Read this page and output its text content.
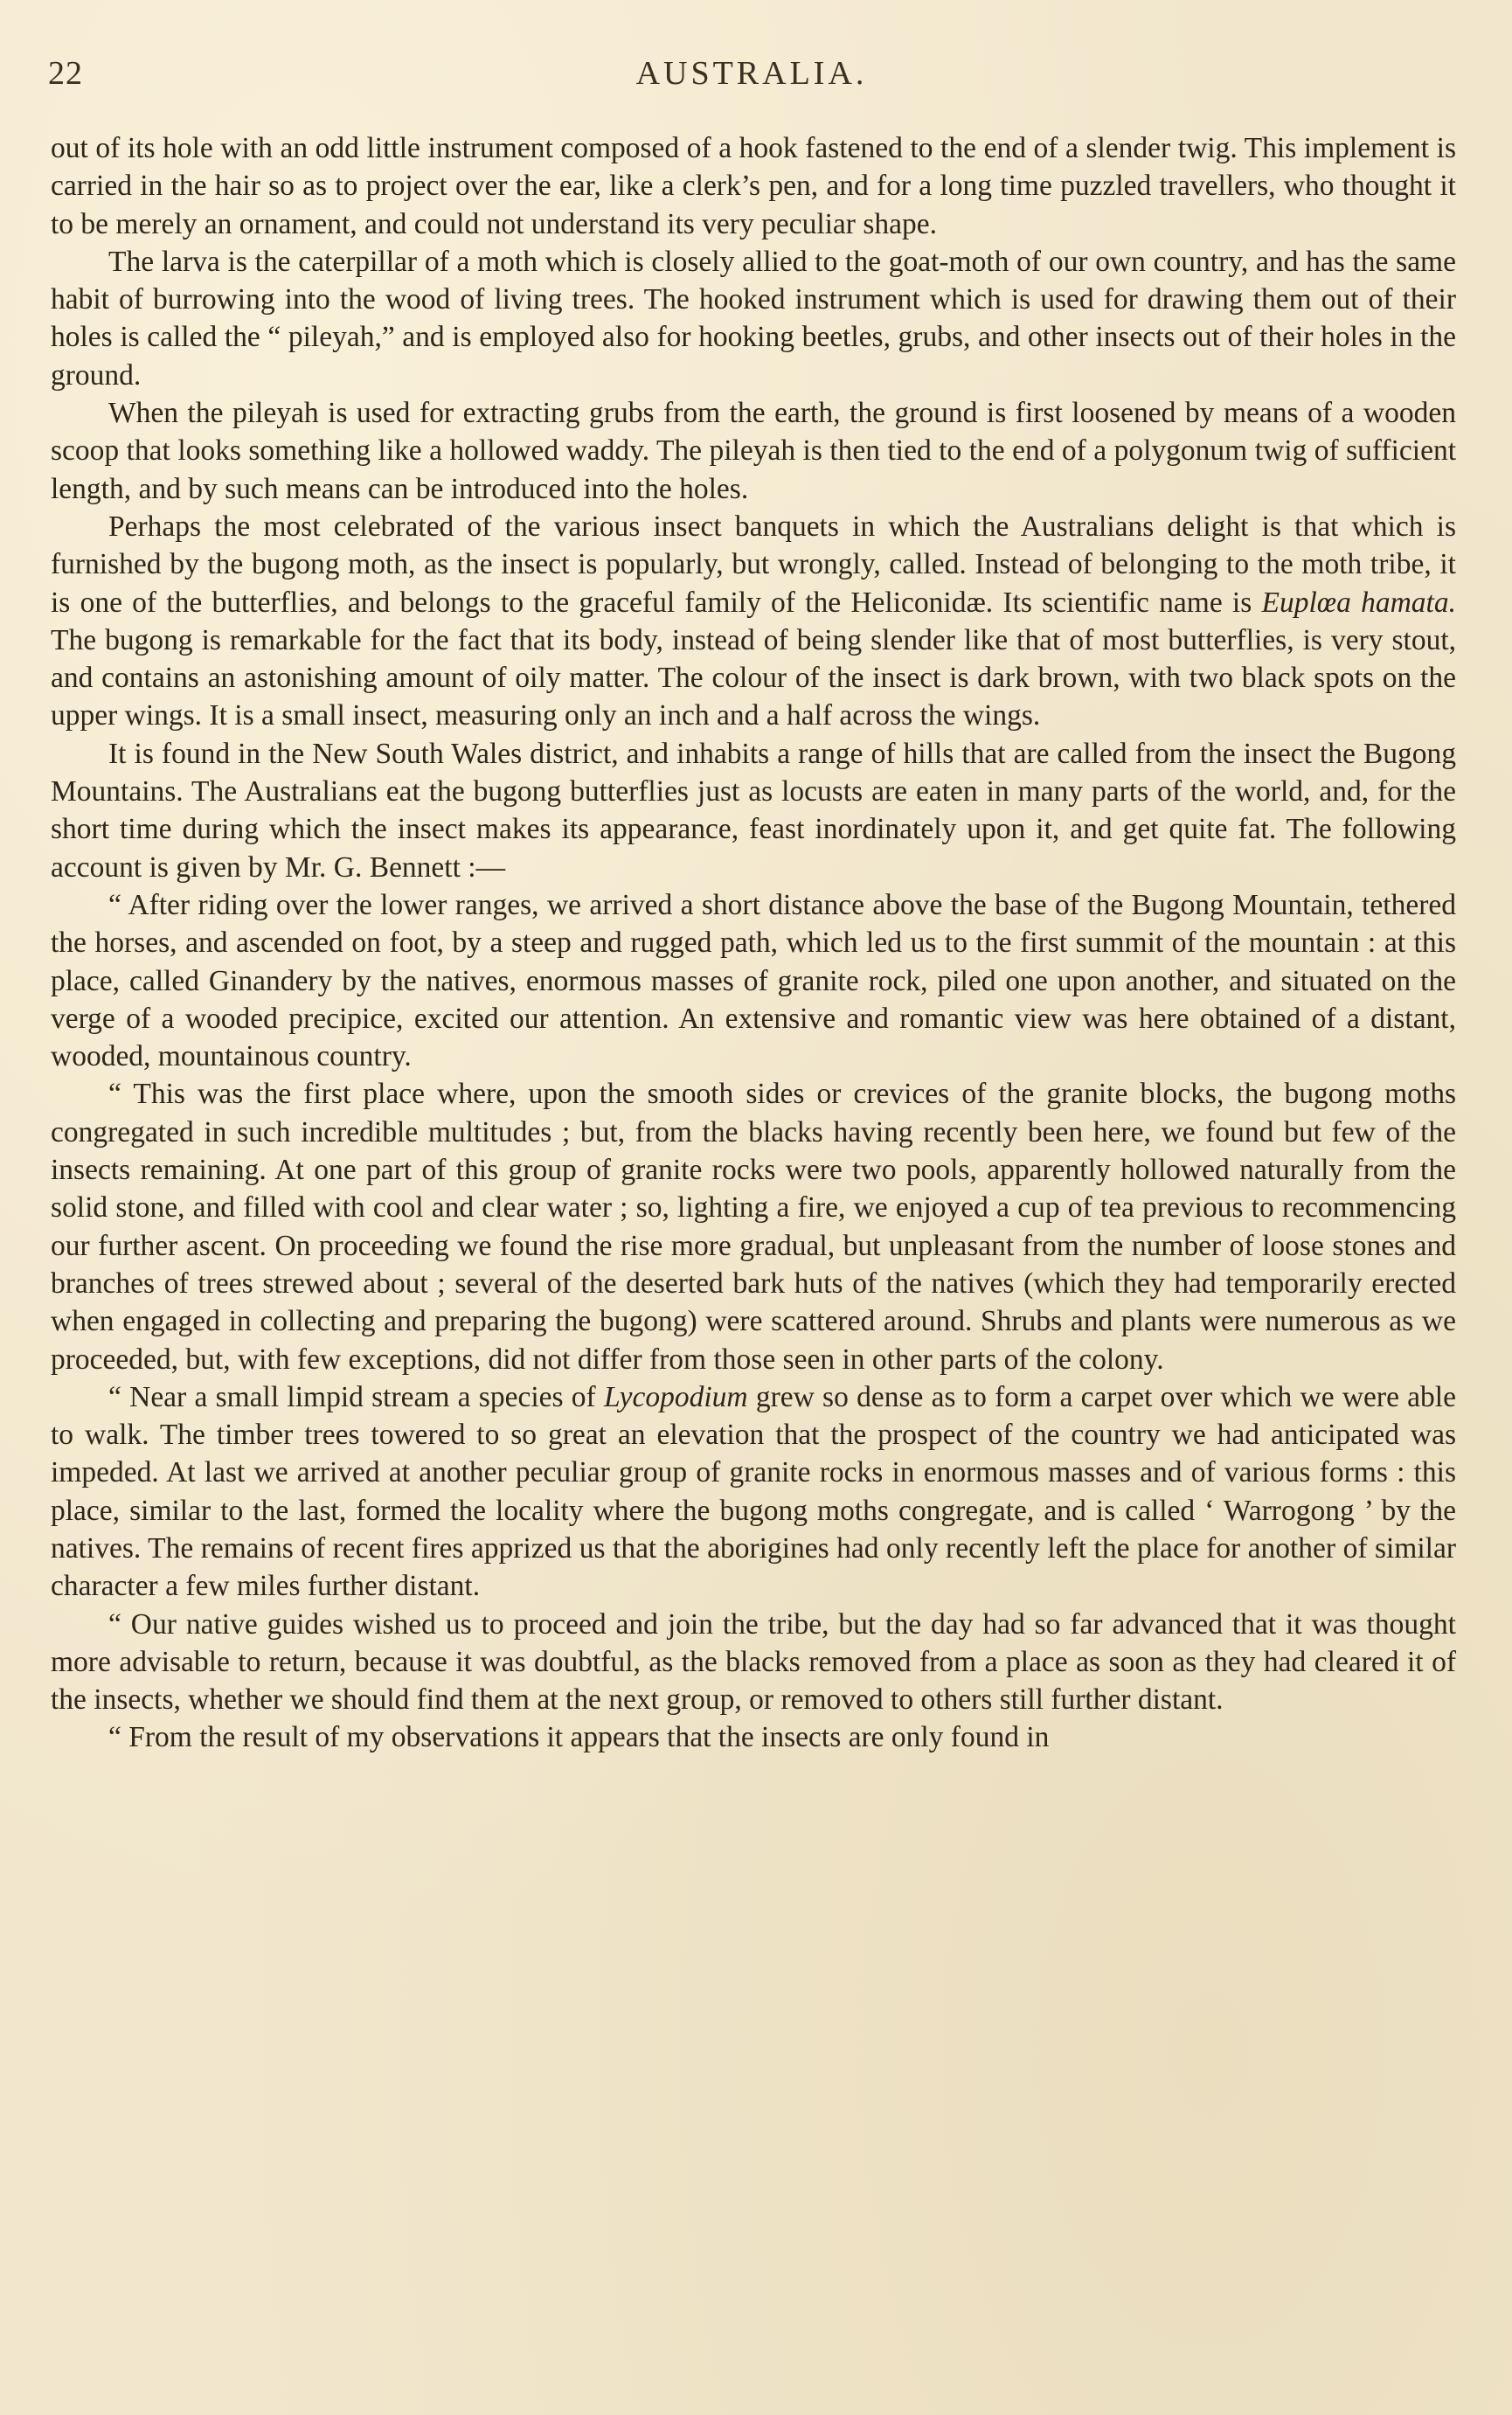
22	AUSTRALIA.

out of its hole with an odd little instrument composed of a hook fastened to the end of a slender twig. This implement is carried in the hair so as to project over the ear, like a clerk’s pen, and for a long time puzzled travellers, who thought it to be merely an ornament, and could not understand its very peculiar shape.

The larva is the caterpillar of a moth which is closely allied to the goat-moth of our own country, and has the same habit of burrowing into the wood of living trees. The hooked instrument which is used for drawing them out of their holes is called the “ pileyah,” and is employed also for hooking beetles, grubs, and other insects out of their holes in the ground.

When the pileyah is used for extracting grubs from the earth, the ground is first loosened by means of a wooden scoop that looks something like a hollowed waddy. The pileyah is then tied to the end of a polygonum twig of sufficient length, and by such means can be introduced into the holes.

Perhaps the most celebrated of the various insect banquets in which the Australians delight is that which is furnished by the bugong moth, as the insect is popularly, but wrongly, called. Instead of belonging to the moth tribe, it is one of the butterflies, and belongs to the graceful family of the Heliconidæ. Its scientific name is Euplœa hamata. The bugong is remarkable for the fact that its body, instead of being slender like that of most butterflies, is very stout, and contains an astonishing amount of oily matter. The colour of the insect is dark brown, with two black spots on the upper wings. It is a small insect, measuring only an inch and a half across the wings.

It is found in the New South Wales district, and inhabits a range of hills that are called from the insect the Bugong Mountains. The Australians eat the bugong butterflies just as locusts are eaten in many parts of the world, and, for the short time during which the insect makes its appearance, feast inordinately upon it, and get quite fat. The following account is given by Mr. G. Bennett :—

“ After riding over the lower ranges, we arrived a short distance above the base of the Bugong Mountain, tethered the horses, and ascended on foot, by a steep and rugged path, which led us to the first summit of the mountain : at this place, called Ginandery by the natives, enormous masses of granite rock, piled one upon another, and situated on the verge of a wooded precipice, excited our attention. An extensive and romantic view was here obtained of a distant, wooded, mountainous country.

“ This was the first place where, upon the smooth sides or crevices of the granite blocks, the bugong moths congregated in such incredible multitudes ; but, from the blacks having recently been here, we found but few of the insects remaining. At one part of this group of granite rocks were two pools, apparently hollowed naturally from the solid stone, and filled with cool and clear water ; so, lighting a fire, we enjoyed a cup of tea previous to recommencing our further ascent. On proceeding we found the rise more gradual, but unpleasant from the number of loose stones and branches of trees strewed about ; several of the deserted bark huts of the natives (which they had temporarily erected when engaged in collecting and preparing the bugong) were scattered around. Shrubs and plants were numerous as we proceeded, but, with few exceptions, did not differ from those seen in other parts of the colony.

“ Near a small limpid stream a species of Lycopodium grew so dense as to form a carpet over which we were able to walk. The timber trees towered to so great an elevation that the prospect of the country we had anticipated was impeded. At last we arrived at another peculiar group of granite rocks in enormous masses and of various forms : this place, similar to the last, formed the locality where the bugong moths congregate, and is called ‘ Warrogong ’ by the natives. The remains of recent fires apprized us that the aborigines had only recently left the place for another of similar character a few miles further distant.

“ Our native guides wished us to proceed and join the tribe, but the day had so far advanced that it was thought more advisable to return, because it was doubtful, as the blacks removed from a place as soon as they had cleared it of the insects, whether we should find them at the next group, or removed to others still further distant.

“ From the result of my observations it appears that the insects are only found in
